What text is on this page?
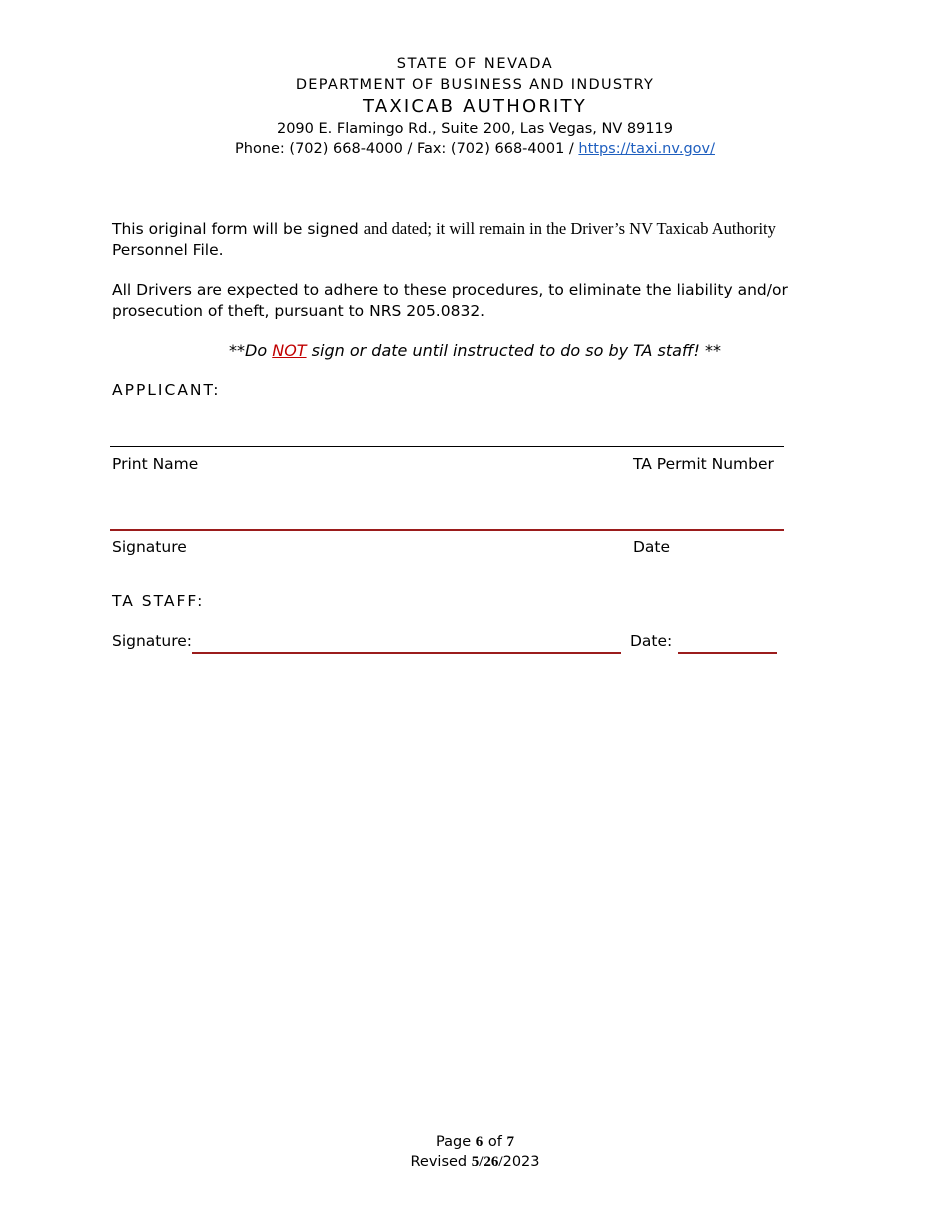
STATE OF NEVADA
DEPARTMENT OF BUSINESS AND INDUSTRY
TAXICAB AUTHORITY
2090 E. Flamingo Rd., Suite 200, Las Vegas, NV 89119
Phone: (702) 668-4000 / Fax: (702) 668-4001 / https://taxi.nv.gov/
This original form will be signed and dated; it will remain in the Driver’s NV Taxicab Authority
Personnel File.
All Drivers are expected to adhere to these procedures, to eliminate the liability and/or prosecution of theft, pursuant to NRS 205.0832.
**Do NOT sign or date until instructed to do so by TA staff! **
APPLICANT:
Print Name	TA Permit Number
Signature	Date
TA STAFF:
Signature:	Date:
Page 6 of 7
Revised 5/26/2023
